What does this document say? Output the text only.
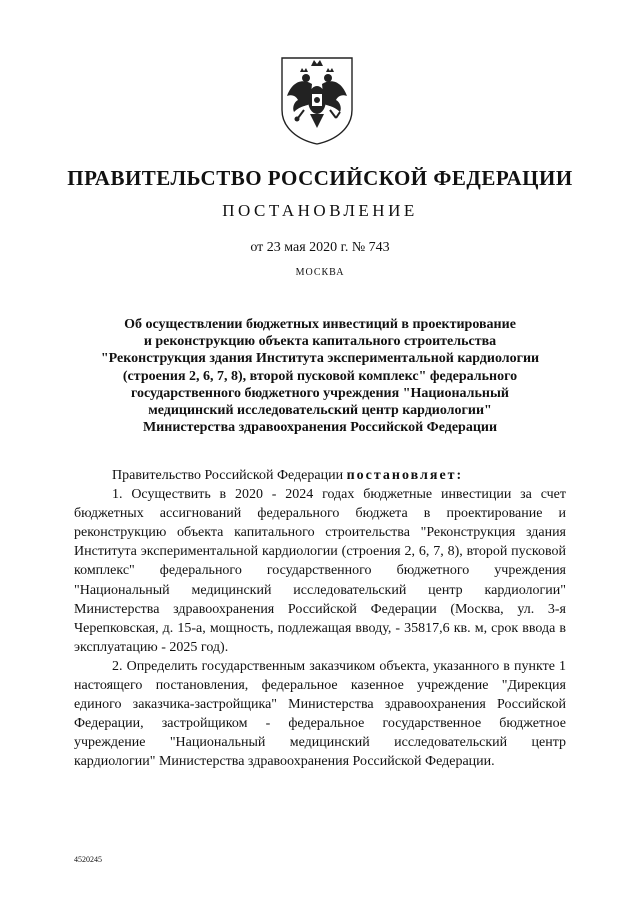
ПРАВИТЕЛЬСТВО РОССИЙСКОЙ ФЕДЕРАЦИИ
ПОСТАНОВЛЕНИЕ
от 23 мая 2020 г. № 743
МОСКВА
Об осуществлении бюджетных инвестиций в проектирование
и реконструкцию объекта капитального строительства
"Реконструкция здания Института экспериментальной кардиологии
(строения 2, 6, 7, 8), второй пусковой комплекс" федерального
государственного бюджетного учреждения "Национальный
медицинский исследовательский центр кардиологии"
Министерства здравоохранения Российской Федерации

Правительство Российской Федерации постановляет:

1. Осуществить в 2020 - 2024 годах бюджетные инвестиции за счет бюджетных ассигнований федерального бюджета в проектирование и реконструкцию объекта капитального строительства "Реконструкция здания Института экспериментальной кардиологии (строения 2, 6, 7, 8), второй пусковой комплекс" федерального государственного бюджетного учреждения "Национальный медицинский исследовательский центр кардиологии" Министерства здравоохранения Российской Федерации (Москва, ул. 3-я Черепковская, д. 15-а, мощность, подлежащая вводу, - 35817,6 кв. м, срок ввода в эксплуатацию - 2025 год).

2. Определить государственным заказчиком объекта, указанного в пункте 1 настоящего постановления, федеральное казенное учреждение "Дирекция единого заказчика-застройщика" Министерства здравоохранения Российской Федерации, застройщиком - федеральное государственное бюджетное учреждение "Национальный медицинский исследовательский центр кардиологии" Министерства здравоохранения Российской Федерации.

4520245
